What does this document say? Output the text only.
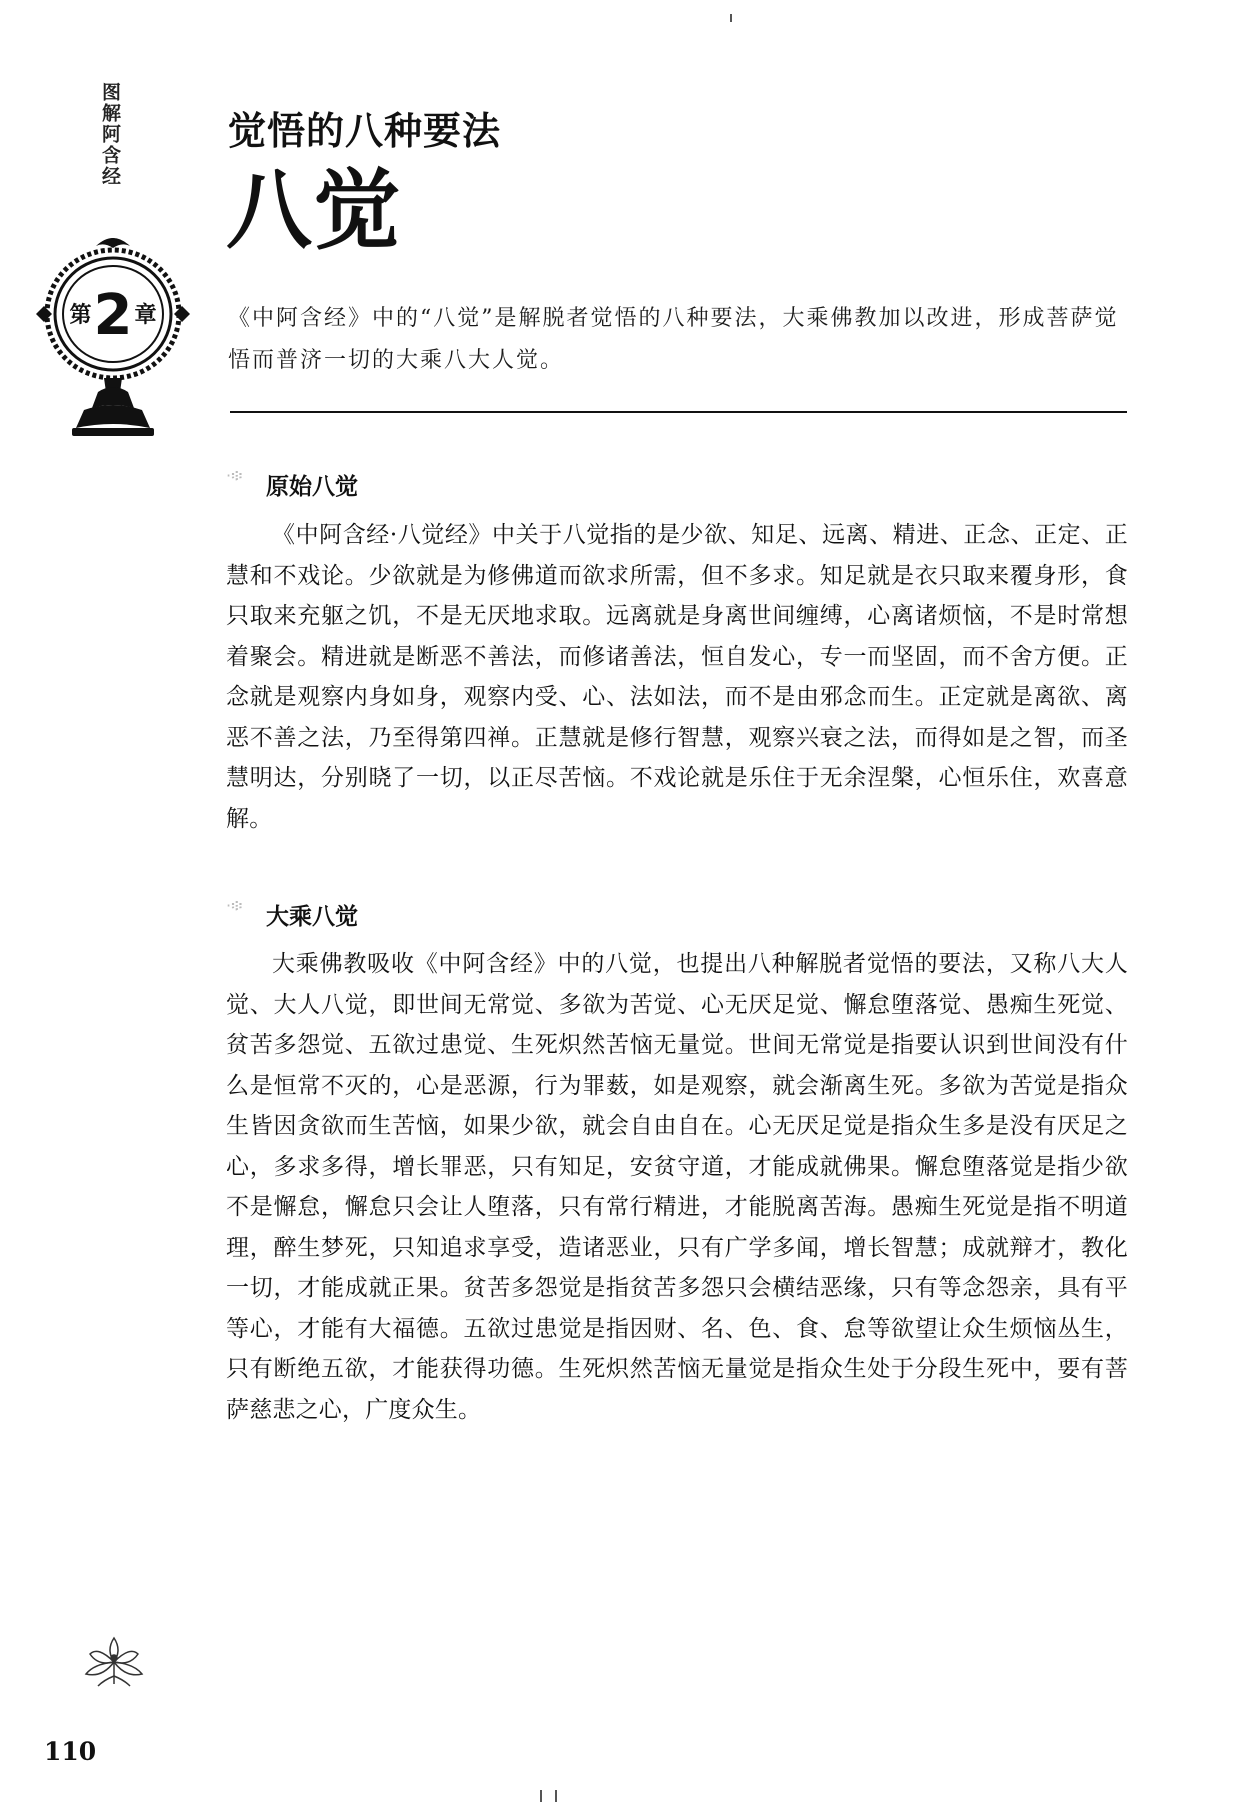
图解阿含经
第 2 章
觉悟的八种要法
八觉
《中阿含经》中的“八觉”是解脱者觉悟的八种要法，大乘佛教加以改进，形成菩萨觉悟而普济一切的大乘八大人觉。
·፨ 原始八觉
《中阿含经·八觉经》中关于八觉指的是少欲、知足、远离、精进、正念、正定、正慧和不戏论。少欲就是为修佛道而欲求所需，但不多求。知足就是衣只取来覆身形，食只取来充躯之饥，不是无厌地求取。远离就是身离世间缠缚，心离诸烦恼，不是时常想着聚会。精进就是断恶不善法，而修诸善法，恒自发心，专一而坚固，而不舍方便。正念就是观察内身如身，观察内受、心、法如法，而不是由邪念而生。正定就是离欲、离恶不善之法，乃至得第四禅。正慧就是修行智慧，观察兴衰之法，而得如是之智，而圣慧明达，分别晓了一切，以正尽苦恼。不戏论就是乐住于无余涅槃，心恒乐住，欢喜意解。
·፨ 大乘八觉
大乘佛教吸收《中阿含经》中的八觉，也提出八种解脱者觉悟的要法，又称八大人觉、大人八觉，即世间无常觉、多欲为苦觉、心无厌足觉、懈怠堕落觉、愚痴生死觉、贫苦多怨觉、五欲过患觉、生死炽然苦恼无量觉。世间无常觉是指要认识到世间没有什么是恒常不灭的，心是恶源，行为罪薮，如是观察，就会渐离生死。多欲为苦觉是指众生皆因贪欲而生苦恼，如果少欲，就会自由自在。心无厌足觉是指众生多是没有厌足之心，多求多得，增长罪恶，只有知足，安贫守道，才能成就佛果。懈怠堕落觉是指少欲不是懈怠，懈怠只会让人堕落，只有常行精进，才能脱离苦海。愚痴生死觉是指不明道理，醉生梦死，只知追求享受，造诸恶业，只有广学多闻，增长智慧；成就辩才，教化一切，才能成就正果。贫苦多怨觉是指贫苦多怨只会横结恶缘，只有等念怨亲，具有平等心，才能有大福德。五欲过患觉是指因财、名、色、食、怠等欲望让众生烦恼丛生，只有断绝五欲，才能获得功德。生死炽然苦恼无量觉是指众生处于分段生死中，要有菩萨慈悲之心，广度众生。
110
